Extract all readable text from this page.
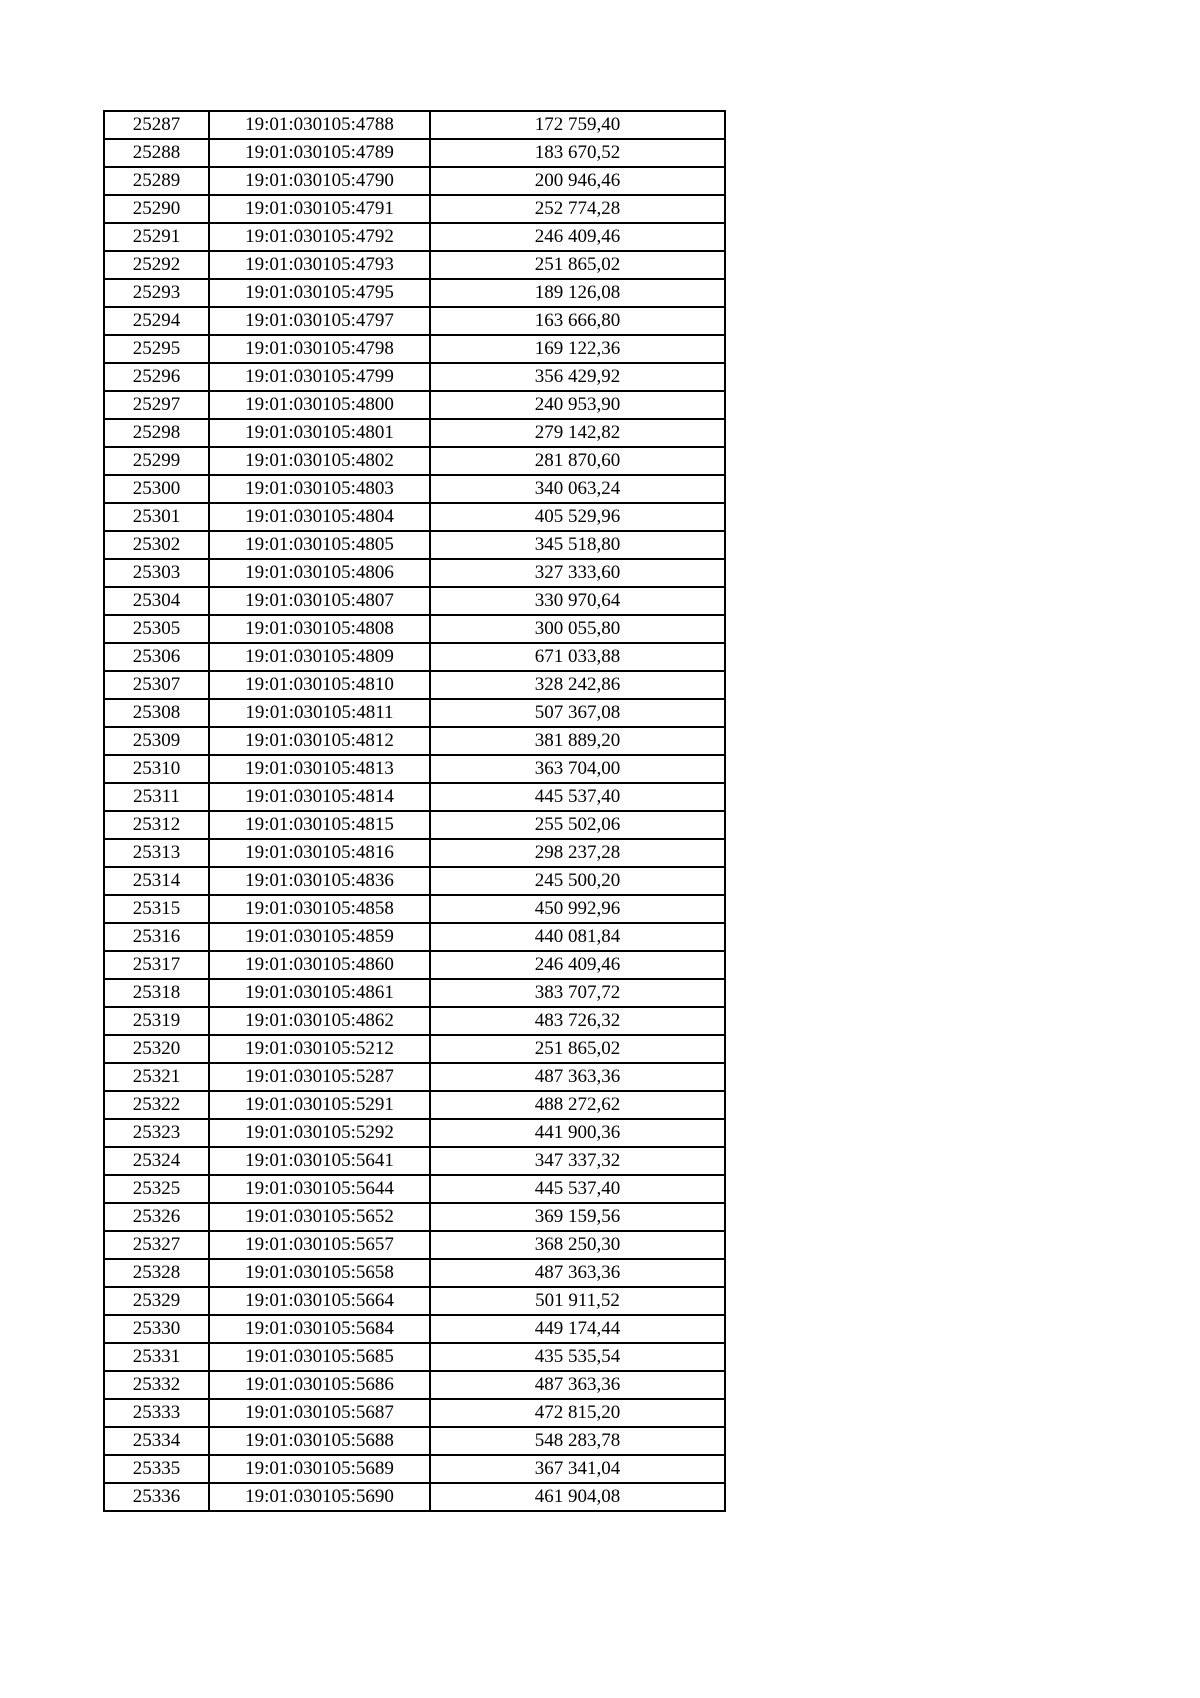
25287	19:01:030105:4788	172 759,40
25288	19:01:030105:4789	183 670,52
25289	19:01:030105:4790	200 946,46
25290	19:01:030105:4791	252 774,28
25291	19:01:030105:4792	246 409,46
25292	19:01:030105:4793	251 865,02
25293	19:01:030105:4795	189 126,08
25294	19:01:030105:4797	163 666,80
25295	19:01:030105:4798	169 122,36
25296	19:01:030105:4799	356 429,92
25297	19:01:030105:4800	240 953,90
25298	19:01:030105:4801	279 142,82
25299	19:01:030105:4802	281 870,60
25300	19:01:030105:4803	340 063,24
25301	19:01:030105:4804	405 529,96
25302	19:01:030105:4805	345 518,80
25303	19:01:030105:4806	327 333,60
25304	19:01:030105:4807	330 970,64
25305	19:01:030105:4808	300 055,80
25306	19:01:030105:4809	671 033,88
25307	19:01:030105:4810	328 242,86
25308	19:01:030105:4811	507 367,08
25309	19:01:030105:4812	381 889,20
25310	19:01:030105:4813	363 704,00
25311	19:01:030105:4814	445 537,40
25312	19:01:030105:4815	255 502,06
25313	19:01:030105:4816	298 237,28
25314	19:01:030105:4836	245 500,20
25315	19:01:030105:4858	450 992,96
25316	19:01:030105:4859	440 081,84
25317	19:01:030105:4860	246 409,46
25318	19:01:030105:4861	383 707,72
25319	19:01:030105:4862	483 726,32
25320	19:01:030105:5212	251 865,02
25321	19:01:030105:5287	487 363,36
25322	19:01:030105:5291	488 272,62
25323	19:01:030105:5292	441 900,36
25324	19:01:030105:5641	347 337,32
25325	19:01:030105:5644	445 537,40
25326	19:01:030105:5652	369 159,56
25327	19:01:030105:5657	368 250,30
25328	19:01:030105:5658	487 363,36
25329	19:01:030105:5664	501 911,52
25330	19:01:030105:5684	449 174,44
25331	19:01:030105:5685	435 535,54
25332	19:01:030105:5686	487 363,36
25333	19:01:030105:5687	472 815,20
25334	19:01:030105:5688	548 283,78
25335	19:01:030105:5689	367 341,04
25336	19:01:030105:5690	461 904,08
